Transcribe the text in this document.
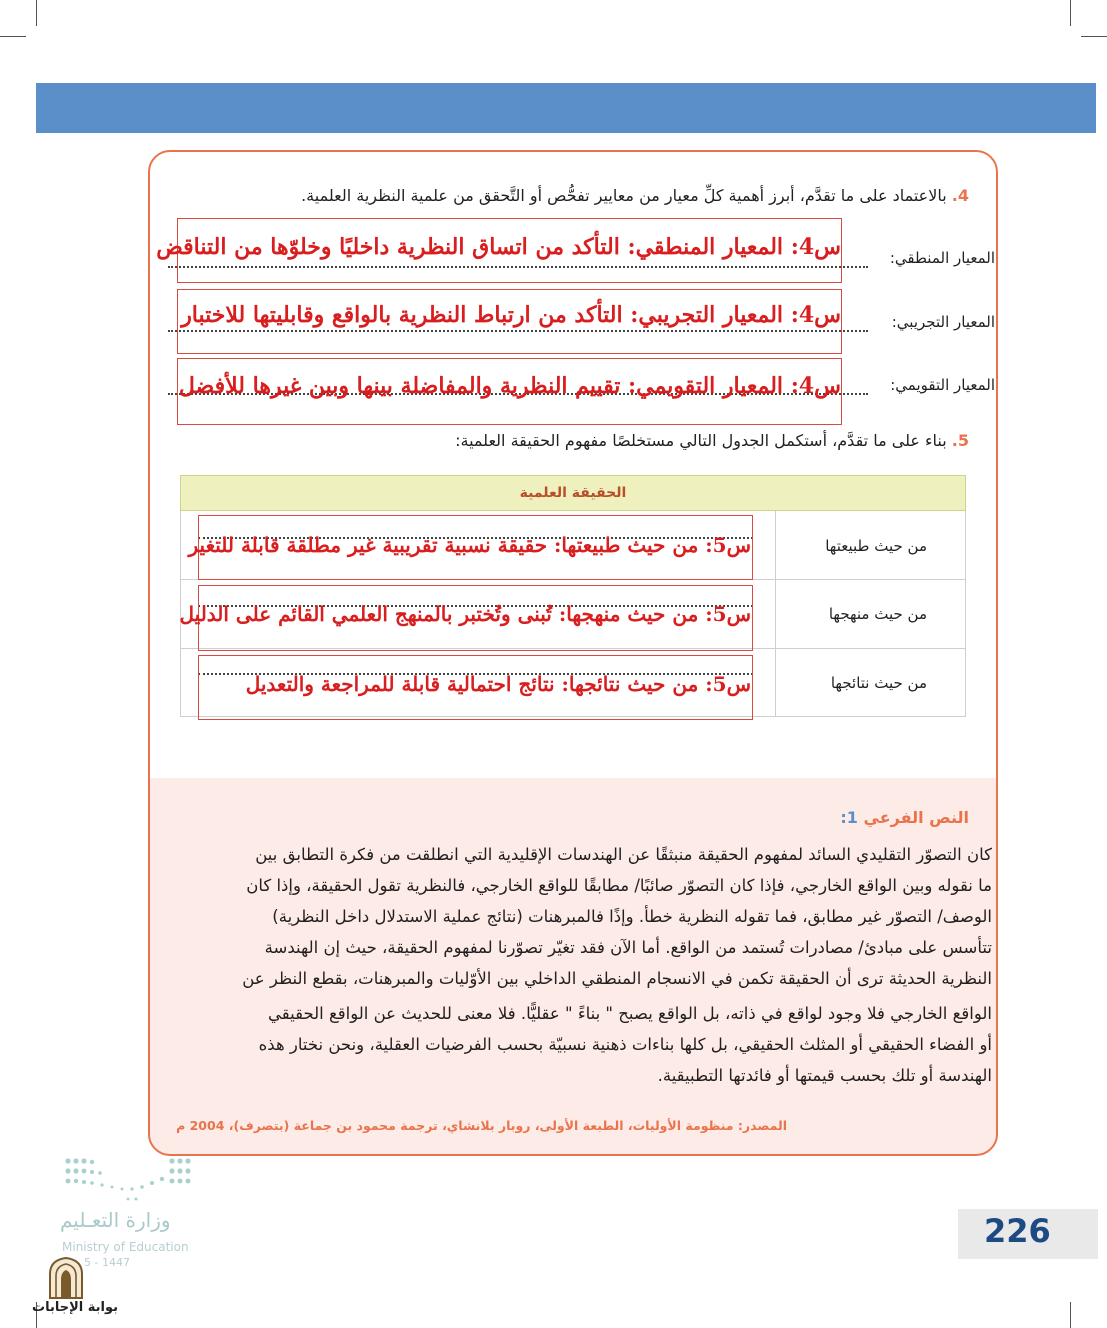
4. بالاعتماد على ما تقدَّم، أبرز أهمية كلِّ معيار من معايير تفحُّص أو التَّحقق من علمية النظرية العلمية.
المعيار المنطقي:
س4: المعيار المنطقي: التأكد من اتساق النظرية داخليًا وخلوّها من التناقض
المعيار التجريبي:
س4: المعيار التجريبي: التأكد من ارتباط النظرية بالواقع وقابليتها للاختبار
المعيار التقويمي:
س4: المعيار التقويمي: تقييم النظرية والمفاضلة بينها وبين غيرها للأفضل
5. بناء على ما تقدَّم، أستكمل الجدول التالي مستخلصًا مفهوم الحقيقة العلمية:
الحقيقة العلمية
من حيث طبيعتها
من حيث منهجها
من حيث نتائجها
س5: من حيث طبيعتها: حقيقة نسبية تقريبية غير مطلقة قابلة للتغير
س5: من حيث منهجها: تُبنى وتُختبر بالمنهج العلمي القائم على الدليل
س5: من حيث نتائجها: نتائج احتمالية قابلة للمراجعة والتعديل
النص الفرعي 1:
كان التصوّر التقليدي السائد لمفهوم الحقيقة منبثقًا عن الهندسات الإقليدية التي انطلقت من فكرة التطابق بين
ما نقوله وبين الواقع الخارجي، فإذا كان التصوّر صائبًا/ مطابقًا للواقع الخارجي، فالنظرية تقول الحقيقة، وإذا كان
الوصف/ التصوّر غير مطابق، فما تقوله النظرية خطأ. وإذًا فالمبرهنات (نتائج عملية الاستدلال داخل النظرية)
تتأسس على مبادئ/ مصادرات تُستمد من الواقع. أما الآن فقد تغيّر تصوّرنا لمفهوم الحقيقة، حيث إن الهندسة
النظرية الحديثة ترى أن الحقيقة تكمن في الانسجام المنطقي الداخلي بين الأوّليات والمبرهنات، بقطع النظر عن
الواقع الخارجي فلا وجود لواقع في ذاته، بل الواقع يصبح " بناءً " عقليًّا. فلا معنى للحديث عن الواقع الحقيقي
أو الفضاء الحقيقي أو المثلث الحقيقي، بل كلها بناءات ذهنية نسبيّة بحسب الفرضيات العقلية، ونحن نختار هذه
الهندسة أو تلك بحسب قيمتها أو فائدتها التطبيقية.
المصدر: منظومة الأوليات، الطبعة الأولى، روبار بلانشاي، ترجمة محمود بن جماعة (بتصرف)، 2004 م
وزارة التعـليم
Ministry of Education
5 - 1447
بوابة الإجابات
226
